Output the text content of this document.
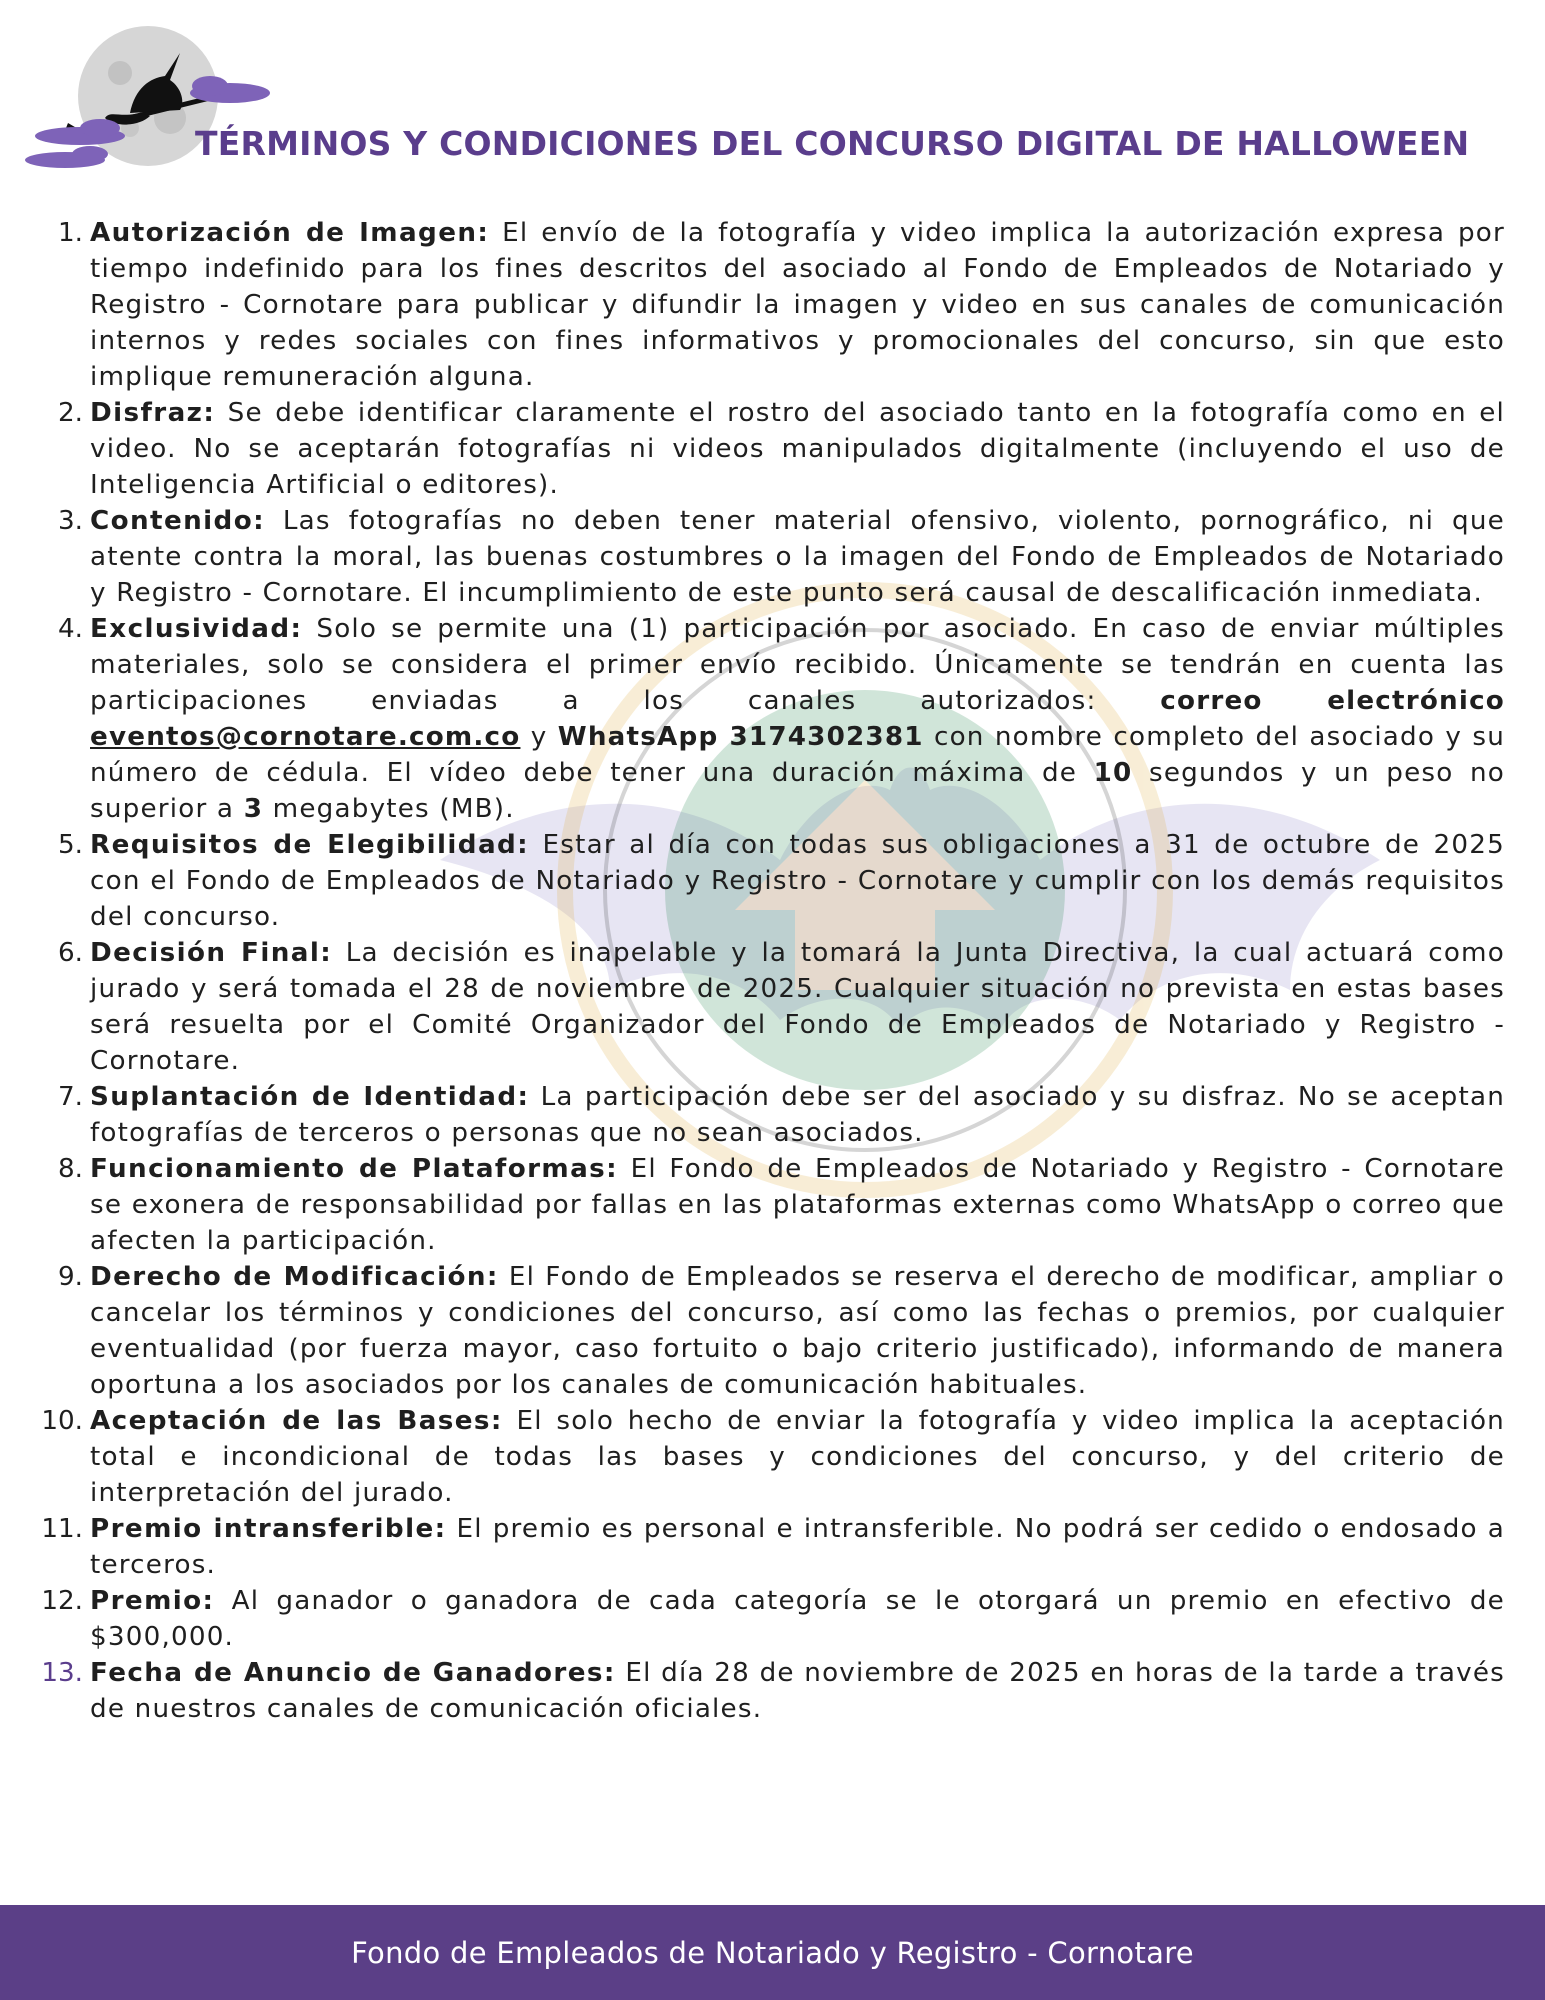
TÉRMINOS Y CONDICIONES DEL CONCURSO DIGITAL DE HALLOWEEN
1. Autorización de Imagen: El envío de la fotografía y video implica la autorización expresa por tiempo indefinido para los fines descritos del asociado al Fondo de Empleados de Notariado y Registro - Cornotare para publicar y difundir la imagen y video en sus canales de comunicación internos y redes sociales con fines informativos y promocionales del concurso, sin que esto implique remuneración alguna.
2. Disfraz: Se debe identificar claramente el rostro del asociado tanto en la fotografía como en el video. No se aceptarán fotografías ni videos manipulados digitalmente (incluyendo el uso de Inteligencia Artificial o editores).
3. Contenido: Las fotografías no deben tener material ofensivo, violento, pornográfico, ni que atente contra la moral, las buenas costumbres o la imagen del Fondo de Empleados de Notariado y Registro - Cornotare. El incumplimiento de este punto será causal de descalificación inmediata.
4. Exclusividad: Solo se permite una (1) participación por asociado. En caso de enviar múltiples materiales, solo se considera el primer envío recibido. Únicamente se tendrán en cuenta las participaciones enviadas a los canales autorizados: correo electrónico eventos@cornotare.com.co y WhatsApp 3174302381 con nombre completo del asociado y su número de cédula. El vídeo debe tener una duración máxima de 10 segundos y un peso no superior a 3 megabytes (MB).
5. Requisitos de Elegibilidad: Estar al día con todas sus obligaciones a 31 de octubre de 2025 con el Fondo de Empleados de Notariado y Registro - Cornotare y cumplir con los demás requisitos del concurso.
6. Decisión Final: La decisión es inapelable y la tomará la Junta Directiva, la cual actuará como jurado y será tomada el 28 de noviembre de 2025. Cualquier situación no prevista en estas bases será resuelta por el Comité Organizador del Fondo de Empleados de Notariado y Registro - Cornotare.
7. Suplantación de Identidad: La participación debe ser del asociado y su disfraz. No se aceptan fotografías de terceros o personas que no sean asociados.
8. Funcionamiento de Plataformas: El Fondo de Empleados de Notariado y Registro - Cornotare se exonera de responsabilidad por fallas en las plataformas externas como WhatsApp o correo que afecten la participación.
9. Derecho de Modificación: El Fondo de Empleados se reserva el derecho de modificar, ampliar o cancelar los términos y condiciones del concurso, así como las fechas o premios, por cualquier eventualidad (por fuerza mayor, caso fortuito o bajo criterio justificado), informando de manera oportuna a los asociados por los canales de comunicación habituales.
10. Aceptación de las Bases: El solo hecho de enviar la fotografía y video implica la aceptación total e incondicional de todas las bases y condiciones del concurso, y del criterio de interpretación del jurado.
11. Premio intransferible: El premio es personal e intransferible. No podrá ser cedido o endosado a terceros.
12. Premio: Al ganador o ganadora de cada categoría se le otorgará un premio en efectivo de $300,000.
13. Fecha de Anuncio de Ganadores: El día 28 de noviembre de 2025 en horas de la tarde a través de nuestros canales de comunicación oficiales.
Fondo de Empleados de Notariado y Registro - Cornotare
